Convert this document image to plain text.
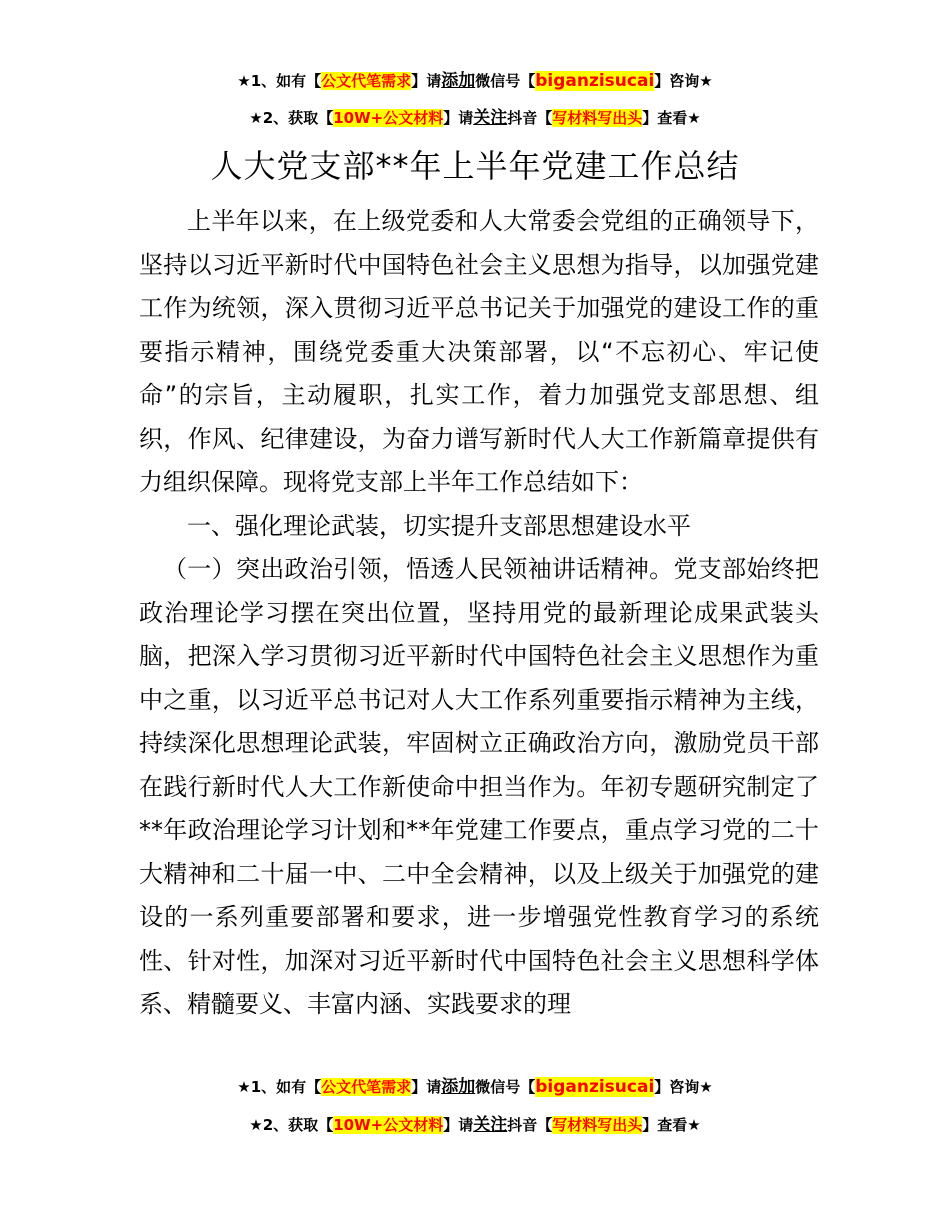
★1、如有【公文代笔需求】请添加微信号【biganzisucai】咨询★
★2、获取【10W+公文材料】请关注抖音【写材料写出头】查看★
人大党支部**年上半年党建工作总结

上半年以来，在上级党委和人大常委会党组的正确领导下，坚持以习近平新时代中国特色社会主义思想为指导，以加强党建工作为统领，深入贯彻习近平总书记关于加强党的建设工作的重要指示精神，围绕党委重大决策部署，以“不忘初心、牢记使命”的宗旨，主动履职，扎实工作，着力加强党支部思想、组织，作风、纪律建设，为奋力谱写新时代人大工作新篇章提供有力组织保障。现将党支部上半年工作总结如下：

一、强化理论武装，切实提升支部思想建设水平

（一）突出政治引领，悟透人民领袖讲话精神。党支部始终把政治理论学习摆在突出位置，坚持用党的最新理论成果武装头脑，把深入学习贯彻习近平新时代中国特色社会主义思想作为重中之重，以习近平总书记对人大工作系列重要指示精神为主线，持续深化思想理论武装，牢固树立正确政治方向，激励党员干部在践行新时代人大工作新使命中担当作为。年初专题研究制定了**年政治理论学习计划和**年党建工作要点，重点学习党的二十大精神和二十届一中、二中全会精神，以及上级关于加强党的建设的一系列重要部署和要求，进一步增强党性教育学习的系统性、针对性，加深对习近平新时代中国特色社会主义思想科学体系、精髓要义、丰富内涵、实践要求的理

★1、如有【公文代笔需求】请添加微信号【biganzisucai】咨询★
★2、获取【10W+公文材料】请关注抖音【写材料写出头】查看★
